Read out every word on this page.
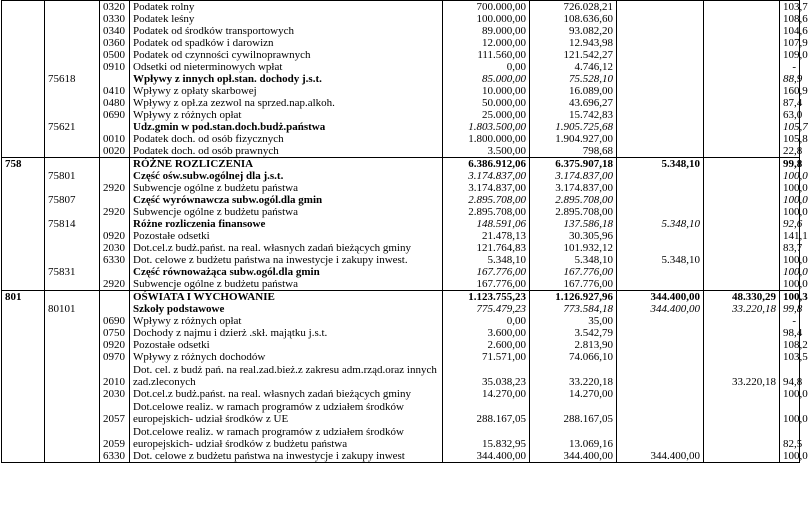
		0320	Podatek rolny	700.000,00	726.028,21			103,7
		0330	Podatek leśny	100.000,00	108.636,60			108,6
		0340	Podatek od środków transportowych	89.000,00	93.082,20			104,6
		0360	Podatek od spadków i darowizn	12.000,00	12.943,98			107,9
		0500	Podatek od czynności cywilnoprawnych	111.560,00	121.542,27			109,0
		0910	Odsetki od nieterminowych wpłat	0,00	4.746,12			-
	75618		Wpływy z innych opł.stan. dochody j.s.t.	85.000,00	75.528,10			88,9
		0410	Wpływy z opłaty skarbowej	10.000,00	16.089,00			160,9
		0480	Wpływy z opł.za zezwol na sprzed.nap.alkoh.	50.000,00	43.696,27			87,4
		0690	Wpływy z różnych opłat	25.000,00	15.742,83			63,0
	75621		Udz.gmin w pod.stan.doch.budż.państwa	1.803.500,00	1.905.725,68			105,7
		0010	Podatek doch. od osób fizycznych	1.800.000,00	1.904.927,00			105,8
		0020	Podatek doch. od osób prawnych	3.500,00	798,68			22,8
758			RÓŻNE ROZLICZENIA	6.386.912,06	6.375.907,18	5.348,10		99,8
	75801		Część ośw.subw.ogólnej dla j.s.t.	3.174.837,00	3.174.837,00			100,0
		2920	Subwencje ogólne z budżetu państwa	3.174.837,00	3.174.837,00			100,0
	75807		Część wyrównawcza subw.ogól.dla gmin	2.895.708,00	2.895.708,00			100,0
		2920	Subwencje ogólne z budżetu państwa	2.895.708,00	2.895.708,00			100,0
	75814		Różne rozliczenia finansowe	148.591,06	137.586,18	5.348,10		92,6
		0920	Pozostałe odsetki	21.478,13	30.305,96			141,1
		2030	Dot.cel.z budż.państ. na real. własnych zadań bieżących gminy	121.764,83	101.932,12			83,7
		6330	Dot. celowe z budżetu państwa na inwestycje i zakupy inwest.	5.348,10	5.348,10	5.348,10		100,0
	75831		Część równoważąca subw.ogól.dla gmin	167.776,00	167.776,00			100,0
		2920	Subwencje ogólne z budżetu państwa	167.776,00	167.776,00			100,0
801			OŚWIATA I WYCHOWANIE	1.123.755,23	1.126.927,96	344.400,00	48.330,29	100,3
	80101		Szkoły podstawowe	775.479,23	773.584,18	344.400,00	33.220,18	99,8
		0690	Wpływy z różnych opłat	0,00	35,00			-
		0750	Dochody z najmu i dzierż .skł. majątku j.s.t.	3.600,00	3.542,79			98,4
		0920	Pozostałe odsetki	2.600,00	2.813,90			108,2
		0970	Wpływy z różnych dochodów	71.571,00	74.066,10			103,5
		2010	Dot. cel. z budż pań. na real.zad.bież.z zakresu adm.rząd.oraz innych zad.zleconych	35.038,23	33.220,18		33.220,18	94,8
		2030	Dot.cel.z budż.państ. na real. własnych zadań bieżących gminy	14.270,00	14.270,00			100,0
		2057	Dot.celowe realiz. w ramach programów z udziałem środków europejskich- udział środków z UE	288.167,05	288.167,05			100,0
		2059	Dot.celowe realiz. w ramach programów z udziałem środków europejskich- udział środków z budżetu państwa	15.832,95	13.069,16			82,5
		6330	Dot. celowe z budżetu państwa na inwestycje i zakupy inwest	344.400,00	344.400,00	344.400,00		100,0
